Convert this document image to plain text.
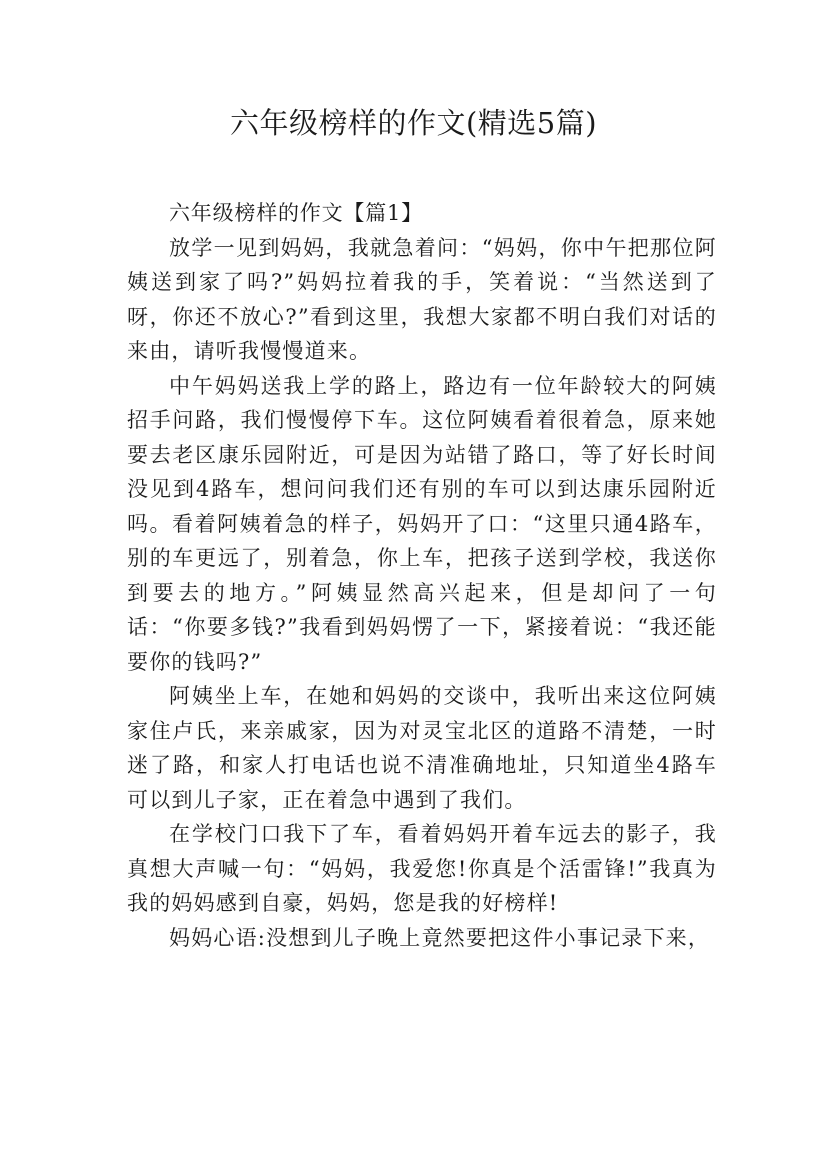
六年级榜样的作文(精选5篇)

六年级榜样的作文【篇1】

放学一见到妈妈，我就急着问：“妈妈，你中午把那位阿姨送到家了吗?”妈妈拉着我的手，笑着说：“当然送到了呀，你还不放心?”看到这里，我想大家都不明白我们对话的来由，请听我慢慢道来。

中午妈妈送我上学的路上，路边有一位年龄较大的阿姨招手问路，我们慢慢停下车。这位阿姨看着很着急，原来她要去老区康乐园附近，可是因为站错了路口，等了好长时间没见到4路车，想问问我们还有别的车可以到达康乐园附近吗。看着阿姨着急的样子，妈妈开了口：“这里只通4路车，别的车更远了，别着急，你上车，把孩子送到学校，我送你到要去的地方。”阿姨显然高兴起来，但是却问了一句话：“你要多钱?”我看到妈妈愣了一下，紧接着说：“我还能要你的钱吗?”

阿姨坐上车，在她和妈妈的交谈中，我听出来这位阿姨家住卢氏，来亲戚家，因为对灵宝北区的道路不清楚，一时迷了路，和家人打电话也说不清准确地址，只知道坐4路车可以到儿子家，正在着急中遇到了我们。

在学校门口我下了车，看着妈妈开着车远去的影子，我真想大声喊一句：“妈妈，我爱您!你真是个活雷锋!”我真为我的妈妈感到自豪，妈妈，您是我的好榜样!

妈妈心语:没想到儿子晚上竟然要把这件小事记录下来，
